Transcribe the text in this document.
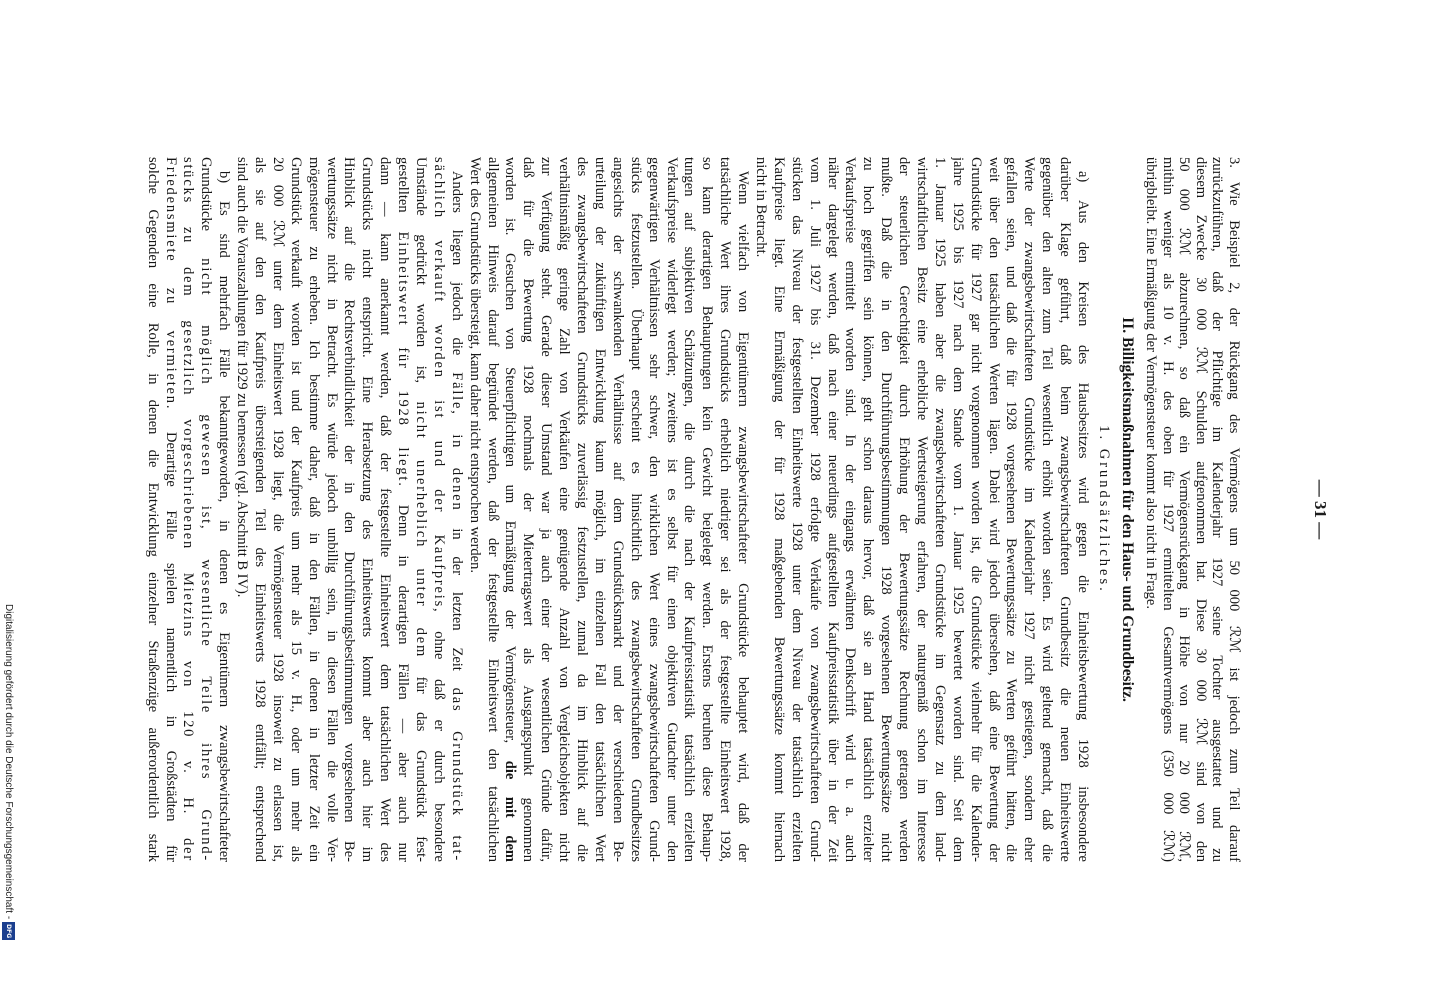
— 31 —
3. Wie Beispiel 2, der Rückgang des Vermögens um 50 000 ℛℳ ist jedoch zum Teil darauf
zurückzuführen, daß der Pflichtige im Kalenderjahr 1927 seine Tochter ausgestattet und zu
diesem Zwecke 30 000 ℛℳ Schulden aufgenommen hat. Diese 30 000 ℛℳ sind von den
50 000 ℛℳ abzurechnen, so daß ein Vermögensrückgang in Höhe von nur 20 000 ℛℳ,
mithin weniger als 10 v. H. des oben für 1927 ermittelten Gesamtvermögens (350 000 ℛℳ)
übrigbleibt. Eine Ermäßigung der Vermögensteuer kommt also nicht in Frage.
II. Billigkeitsmaßnahmen für den Haus- und Grundbesitz.
1. Grundsätzliches.
a) Aus den Kreisen des Hausbesitzes wird gegen die Einheitsbewertung 1928 insbesondere
darüber Klage geführt, daß beim zwangsbewirtschafteten Grundbesitz die neuen Einheitswerte
gegenüber den alten zum Teil wesentlich erhöht worden seien. Es wird geltend gemacht, daß die
Werte der zwangsbewirtschafteten Grundstücke im Kalenderjahr 1927 nicht gestiegen, sondern eher
gefallen seien, und daß die für 1928 vorgesehenen Bewertungssätze zu Werten geführt hätten, die
weit über den tatsächlichen Werten lägen. Dabei wird jedoch übersehen, daß eine Bewertung der
Grundstücke für 1927 gar nicht vorgenommen worden ist, die Grundstücke vielmehr für die Kalender-
jahre 1925 bis 1927 nach dem Stande vom 1. Januar 1925 bewertet worden sind. Seit dem
1. Januar 1925 haben aber die zwangsbewirtschafteten Grundstücke im Gegensatz zu dem land-
wirtschaftlichen Besitz eine erhebliche Wertsteigerung erfahren, der naturgemäß schon im Interesse
der steuerlichen Gerechtigkeit durch Erhöhung der Bewertungssätze Rechnung getragen werden
mußte. Daß die in den Durchführungsbestimmungen 1928 vorgesehenen Bewertungssätze nicht
zu hoch gegriffen sein können, geht schon daraus hervor, daß sie an Hand tatsächlich erzielter
Verkaufspreise ermittelt worden sind. In der eingangs erwähnten Denkschrift wird u. a. auch
näher dargelegt werden, daß nach einer neuerdings aufgestellten Kaufpreisstatistik über in der Zeit
vom 1. Juli 1927 bis 31. Dezember 1928 erfolgte Verkäufe von zwangsbewirtschafteten Grund-
stücken das Niveau der festgestellten Einheitswerte 1928 unter dem Niveau der tatsächlich erzielten
Kaufpreise liegt. Eine Ermäßigung der für 1928 maßgebenden Bewertungssätze kommt hiernach
nicht in Betracht.
Wenn vielfach von Eigentümern zwangsbewirtschafteter Grundstücke behauptet wird, daß der
tatsächliche Wert ihres Grundstücks erheblich niedriger sei als der festgestellte Einheitswert 1928,
so kann derartigen Behauptungen kein Gewicht beigelegt werden. Erstens beruhen diese Behaup-
tungen auf subjektiven Schätzungen, die durch die nach der Kaufpreisstatistik tatsächlich erzielten
Verkaufspreise widerlegt werden; zweitens ist es selbst für einen objektiven Gutachter unter den
gegenwärtigen Verhältnissen sehr schwer, den wirklichen Wert eines zwangsbewirtschafteten Grund-
stücks festzustellen. Überhaupt erscheint es hinsichtlich des zwangsbewirtschafteten Grundbesitzes
angesichts der schwankenden Verhältnisse auf dem Grundstücksmarkt und der verschiedenen Be-
urteilung der zukünftigen Entwicklung kaum möglich, im einzelnen Fall den tatsächlichen Wert
des zwangsbewirtschafteten Grundstücks zuverlässig festzustellen, zumal da im Hinblick auf die
verhältnismäßig geringe Zahl von Verkäufen eine genügende Anzahl von Vergleichsobjekten nicht
zur Verfügung steht. Gerade dieser Umstand war ja auch einer der wesentlichen Gründe dafür,
daß für die Bewertung 1928 nochmals der Mietertragswert als Ausgangspunkt genommen
worden ist. Gesuchen von Steuerpflichtigen um Ermäßigung der Vermögensteuer, die mit dem
allgemeinen Hinweis darauf begründet werden, daß der festgestellte Einheitswert den tatsächlichen
Wert des Grundstücks übersteigt, kann daher nicht entsprochen werden.
Anders liegen jedoch die Fälle, in denen in der letzten Zeit das Grundstück tat-
sächlich verkauft worden ist und der Kaufpreis, ohne daß er durch besondere
Umstände gedrückt worden ist, nicht unerheblich unter dem für das Grundstück fest-
gestellten Einheitswert für 1928 liegt. Denn in derartigen Fällen — aber auch nur
dann — kann anerkannt werden, daß der festgestellte Einheitswert dem tatsächlichen Wert des
Grundstücks nicht entspricht. Eine Herabsetzung des Einheitswerts kommt aber auch hier im
Hinblick auf die Rechtsverbindlichkeit der in den Durchführungsbestimmungen vorgesehenen Be-
wertungssätze nicht in Betracht. Es würde jedoch unbillig sein, in diesen Fällen die volle Ver-
mögensteuer zu erheben. Ich bestimme daher, daß in den Fällen, in denen in letzter Zeit ein
Grundstück verkauft worden ist und der Kaufpreis um mehr als 15 v. H., oder um mehr als
20 000 ℛℳ unter dem Einheitswert 1928 liegt, die Vermögensteuer 1928 insoweit zu erlassen ist,
als sie auf den den Kaufpreis übersteigenden Teil des Einheitswerts 1928 entfällt; entsprechend
sind auch die Vorauszahlungen für 1929 zu bemessen (vgl. Abschnitt B IV).
b) Es sind mehrfach Fälle bekanntgeworden, in denen es Eigentümern zwangsbewirtschafteter
Grundstücke nicht möglich gewesen ist, wesentliche Teile ihres Grund-
stücks zu dem gesetzlich vorgeschriebenen Mietzins von 120 v. H. der
Friedensmiete zu vermieten. Derartige Fälle spielen namentlich in Großstädten für
solche Gegenden eine Rolle, in denen die Entwicklung einzelner Straßenzüge außerordentlich stark
Digitalisierung gefördert durch die Deutsche Forschungsgemeinschaft -DFG
